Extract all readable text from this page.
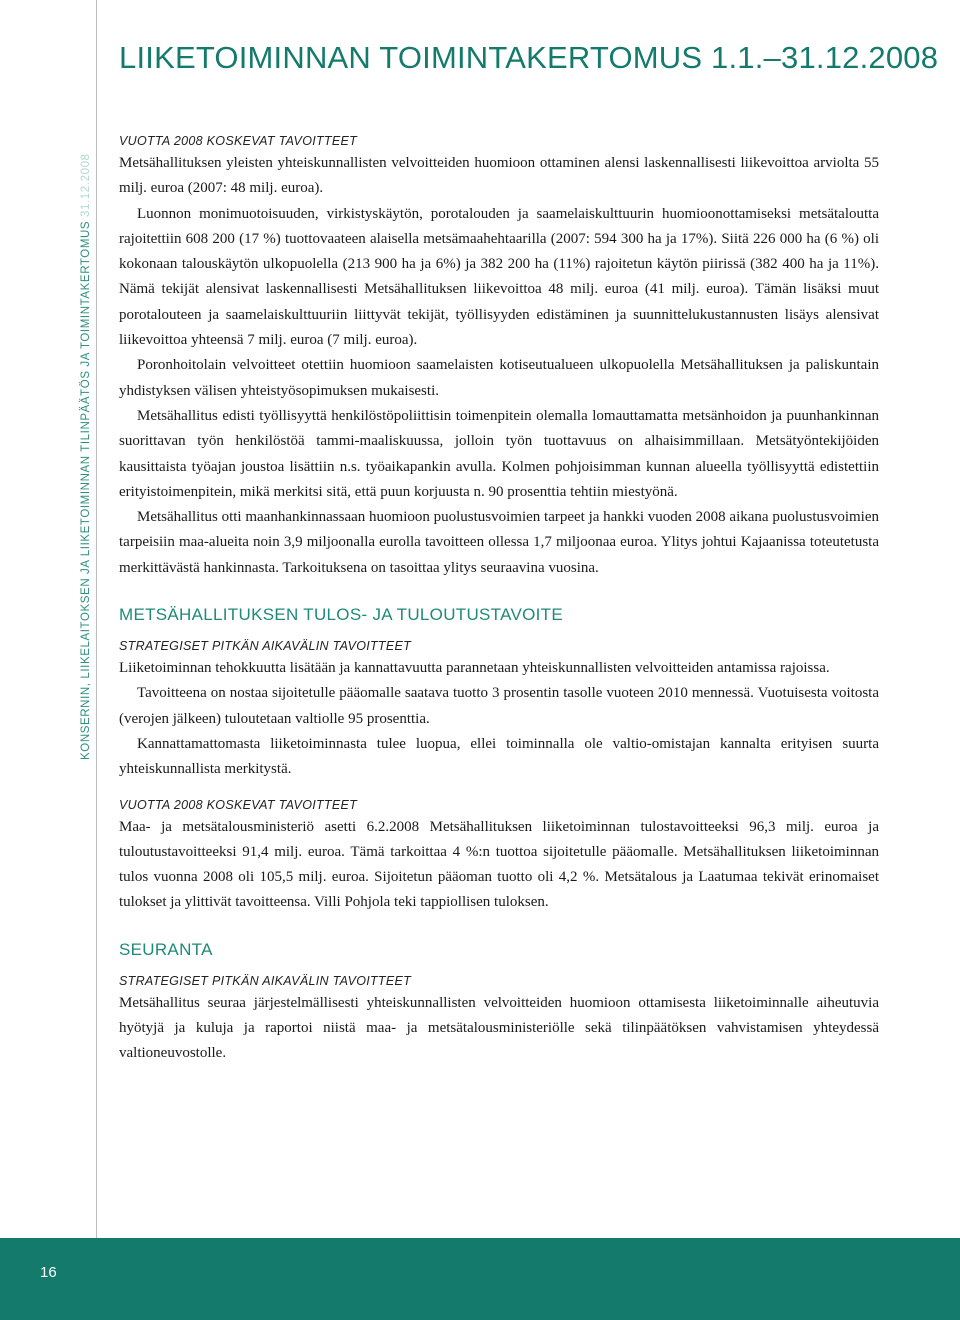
KONSERNIN, LIIKELAITOKSEN JA LIIKETOIMINNAN TILINPÄÄTÖS JA TOIMINTAKERTOMUS 31.12.2008
LIIKETOIMINNAN TOIMINTAKERTOMUS 1.1.–31.12.2008
VUOTTA 2008 KOSKEVAT TAVOITTEET

Metsähallituksen yleisten yhteiskunnallisten velvoitteiden huomioon ottaminen alensi laskennallisesti liikevoittoa arviolta 55 milj. euroa (2007: 48 milj. euroa).

Luonnon monimuotoisuuden, virkistyskäytön, porotalouden ja saamelaiskulttuurin huomioonottamiseksi metsätaloutta rajoitettiin 608 200 (17 %) tuottovaateen alaisella metsämaahehtaarilla (2007: 594 300 ha ja 17%). Siitä 226 000 ha (6 %) oli kokonaan talouskäytön ulkopuolella (213 900 ha ja 6%) ja 382 200 ha (11%) rajoitetun käytön piirissä (382 400 ha ja 11%). Nämä tekijät alensivat laskennallisesti Metsähallituksen liikevoittoa 48 milj. euroa (41 milj. euroa). Tämän lisäksi muut porotalouteen ja saamelaiskulttuuriin liittyvät tekijät, työllisyyden edistäminen ja suunnittelukustannusten lisäys alensivat liikevoittoa yhteensä 7 milj. euroa (7 milj. euroa).

Poronhoitolain velvoitteet otettiin huomioon saamelaisten kotiseutualueen ulkopuolella Metsähallituksen ja paliskuntain yhdistyksen välisen yhteistyösopimuksen mukaisesti.

Metsähallitus edisti työllisyyttä henkilöstöpoliittisin toimenpitein olemalla lomauttamatta metsänhoidon ja puunhankinnan suorittavan työn henkilöstöä tammi-maaliskuussa, jolloin työn tuottavuus on alhaisimmillaan. Metsätyöntekijöiden kausittaista työajan joustoa lisättiin n.s. työaikapankin avulla. Kolmen pohjoisimman kunnan alueella työllisyyttä edistettiin erityistoimenpitein, mikä merkitsi sitä, että puun korjuusta n. 90 prosenttia tehtiin miestyönä.

Metsähallitus otti maanhankinnassaan huomioon puolustusvoimien tarpeet ja hankki vuoden 2008 aikana puolustusvoimien tarpeisiin maa-alueita noin 3,9 miljoonalla eurolla tavoitteen ollessa 1,7 miljoonaa euroa. Ylitys johtui Kajaanissa toteutetusta merkittävästä hankinnasta. Tarkoituksena on tasoittaa ylitys seuraavina vuosina.

METSÄHALLITUKSEN TULOS- JA TULOUTUSTAVOITE
STRATEGISET PITKÄN AIKAVÄLIN TAVOITTEET

Liiketoiminnan tehokkuutta lisätään ja kannattavuutta parannetaan yhteiskunnallisten velvoitteiden antamissa rajoissa.

Tavoitteena on nostaa sijoitetulle pääomalle saatava tuotto 3 prosentin tasolle vuoteen 2010 mennessä. Vuotuisesta voitosta (verojen jälkeen) tuloutetaan valtiolle 95 prosenttia.

Kannattamattomasta liiketoiminnasta tulee luopua, ellei toiminnalla ole valtio-omistajan kannalta erityisen suurta yhteiskunnallista merkitystä.

VUOTTA 2008 KOSKEVAT TAVOITTEET

Maa- ja metsätalousministeriö asetti 6.2.2008 Metsähallituksen liiketoiminnan tulostavoitteeksi 96,3 milj. euroa ja tuloutustavoitteeksi 91,4 milj. euroa. Tämä tarkoittaa 4 %:n tuottoa sijoitetulle pääomalle. Metsähallituksen liiketoiminnan tulos vuonna 2008 oli 105,5 milj. euroa. Sijoitetun pääoman tuotto oli 4,2 %. Metsätalous ja Laatumaa tekivät erinomaiset tulokset ja ylittivät tavoitteensa. Villi Pohjola teki tappiollisen tuloksen.

SEURANTA
STRATEGISET PITKÄN AIKAVÄLIN TAVOITTEET

Metsähallitus seuraa järjestelmällisesti yhteiskunnallisten velvoitteiden huomioon ottamisesta liiketoiminnalle aiheutuvia hyötyjä ja kuluja ja raportoi niistä maa- ja metsätalousministeriölle sekä tilinpäätöksen vahvistamisen yhteydessä valtioneuvostolle.

16
